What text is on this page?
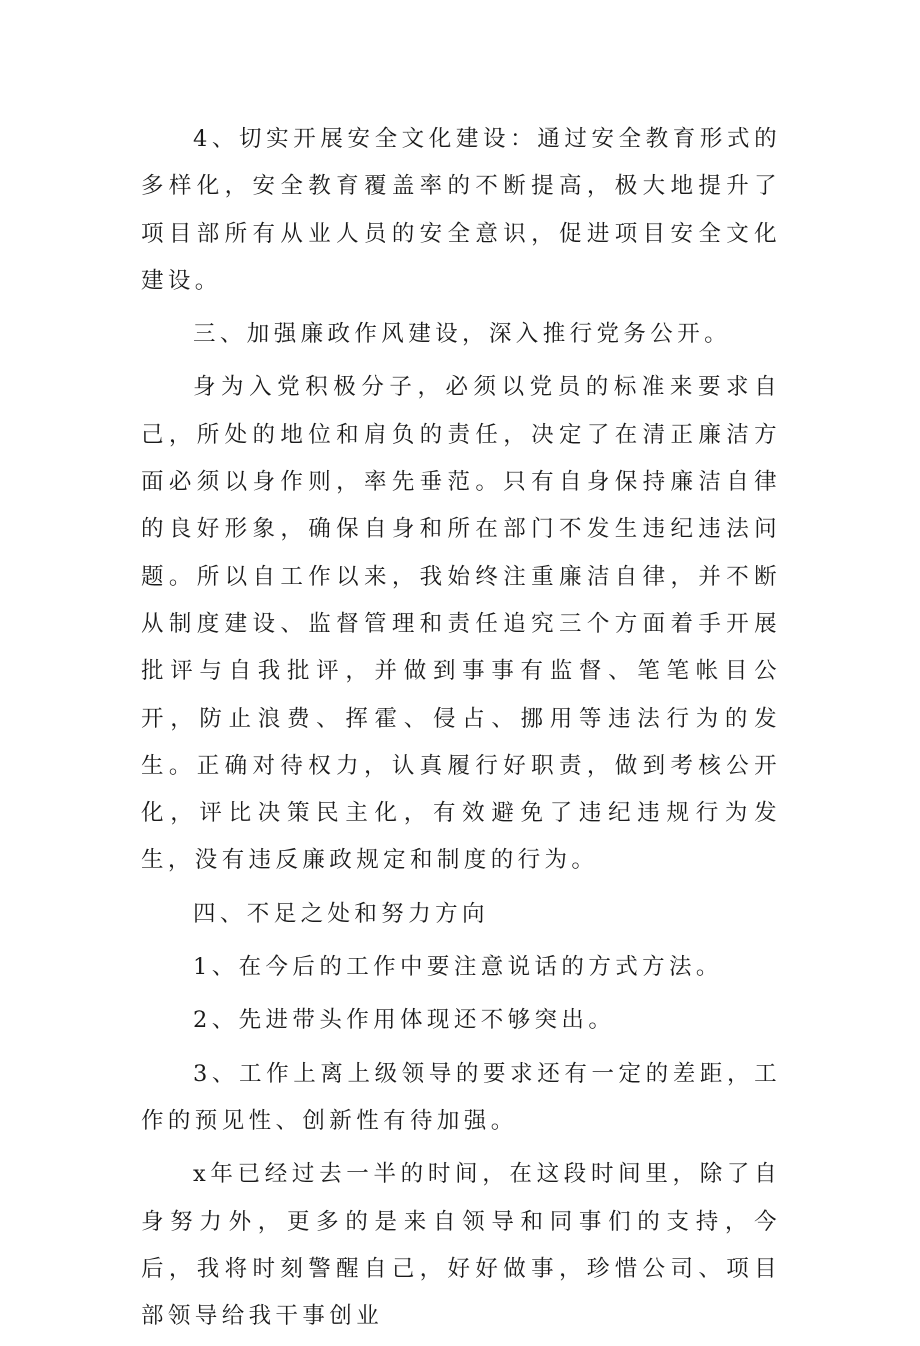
4、切实开展安全文化建设：通过安全教育形式的多样化，安全教育覆盖率的不断提高，极大地提升了项目部所有从业人员的安全意识，促进项目安全文化建设。

三、加强廉政作风建设，深入推行党务公开。

身为入党积极分子，必须以党员的标准来要求自己，所处的地位和肩负的责任，决定了在清正廉洁方面必须以身作则，率先垂范。只有自身保持廉洁自律的良好形象，确保自身和所在部门不发生违纪违法问题。所以自工作以来，我始终注重廉洁自律，并不断从制度建设、监督管理和责任追究三个方面着手开展批评与自我批评，并做到事事有监督、笔笔帐目公开，防止浪费、挥霍、侵占、挪用等违法行为的发生。正确对待权力，认真履行好职责，做到考核公开化，评比决策民主化，有效避免了违纪违规行为发生，没有违反廉政规定和制度的行为。

四、不足之处和努力方向

1、在今后的工作中要注意说话的方式方法。

2、先进带头作用体现还不够突出。

3、工作上离上级领导的要求还有一定的差距，工作的预见性、创新性有待加强。

x年已经过去一半的时间，在这段时间里，除了自身努力外，更多的是来自领导和同事们的支持，今后，我将时刻警醒自己，好好做事，珍惜公司、项目部领导给我干事创业
